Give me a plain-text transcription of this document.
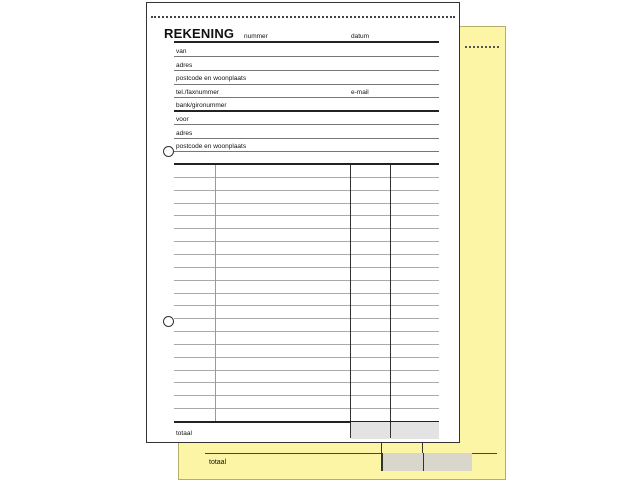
totaal
REKENING nummer	datum
van
adres
postcode en woonplaats
tel./faxnummer	e-mail
bank/gironummer
voor
adres
postcode en woonplaats
totaal
